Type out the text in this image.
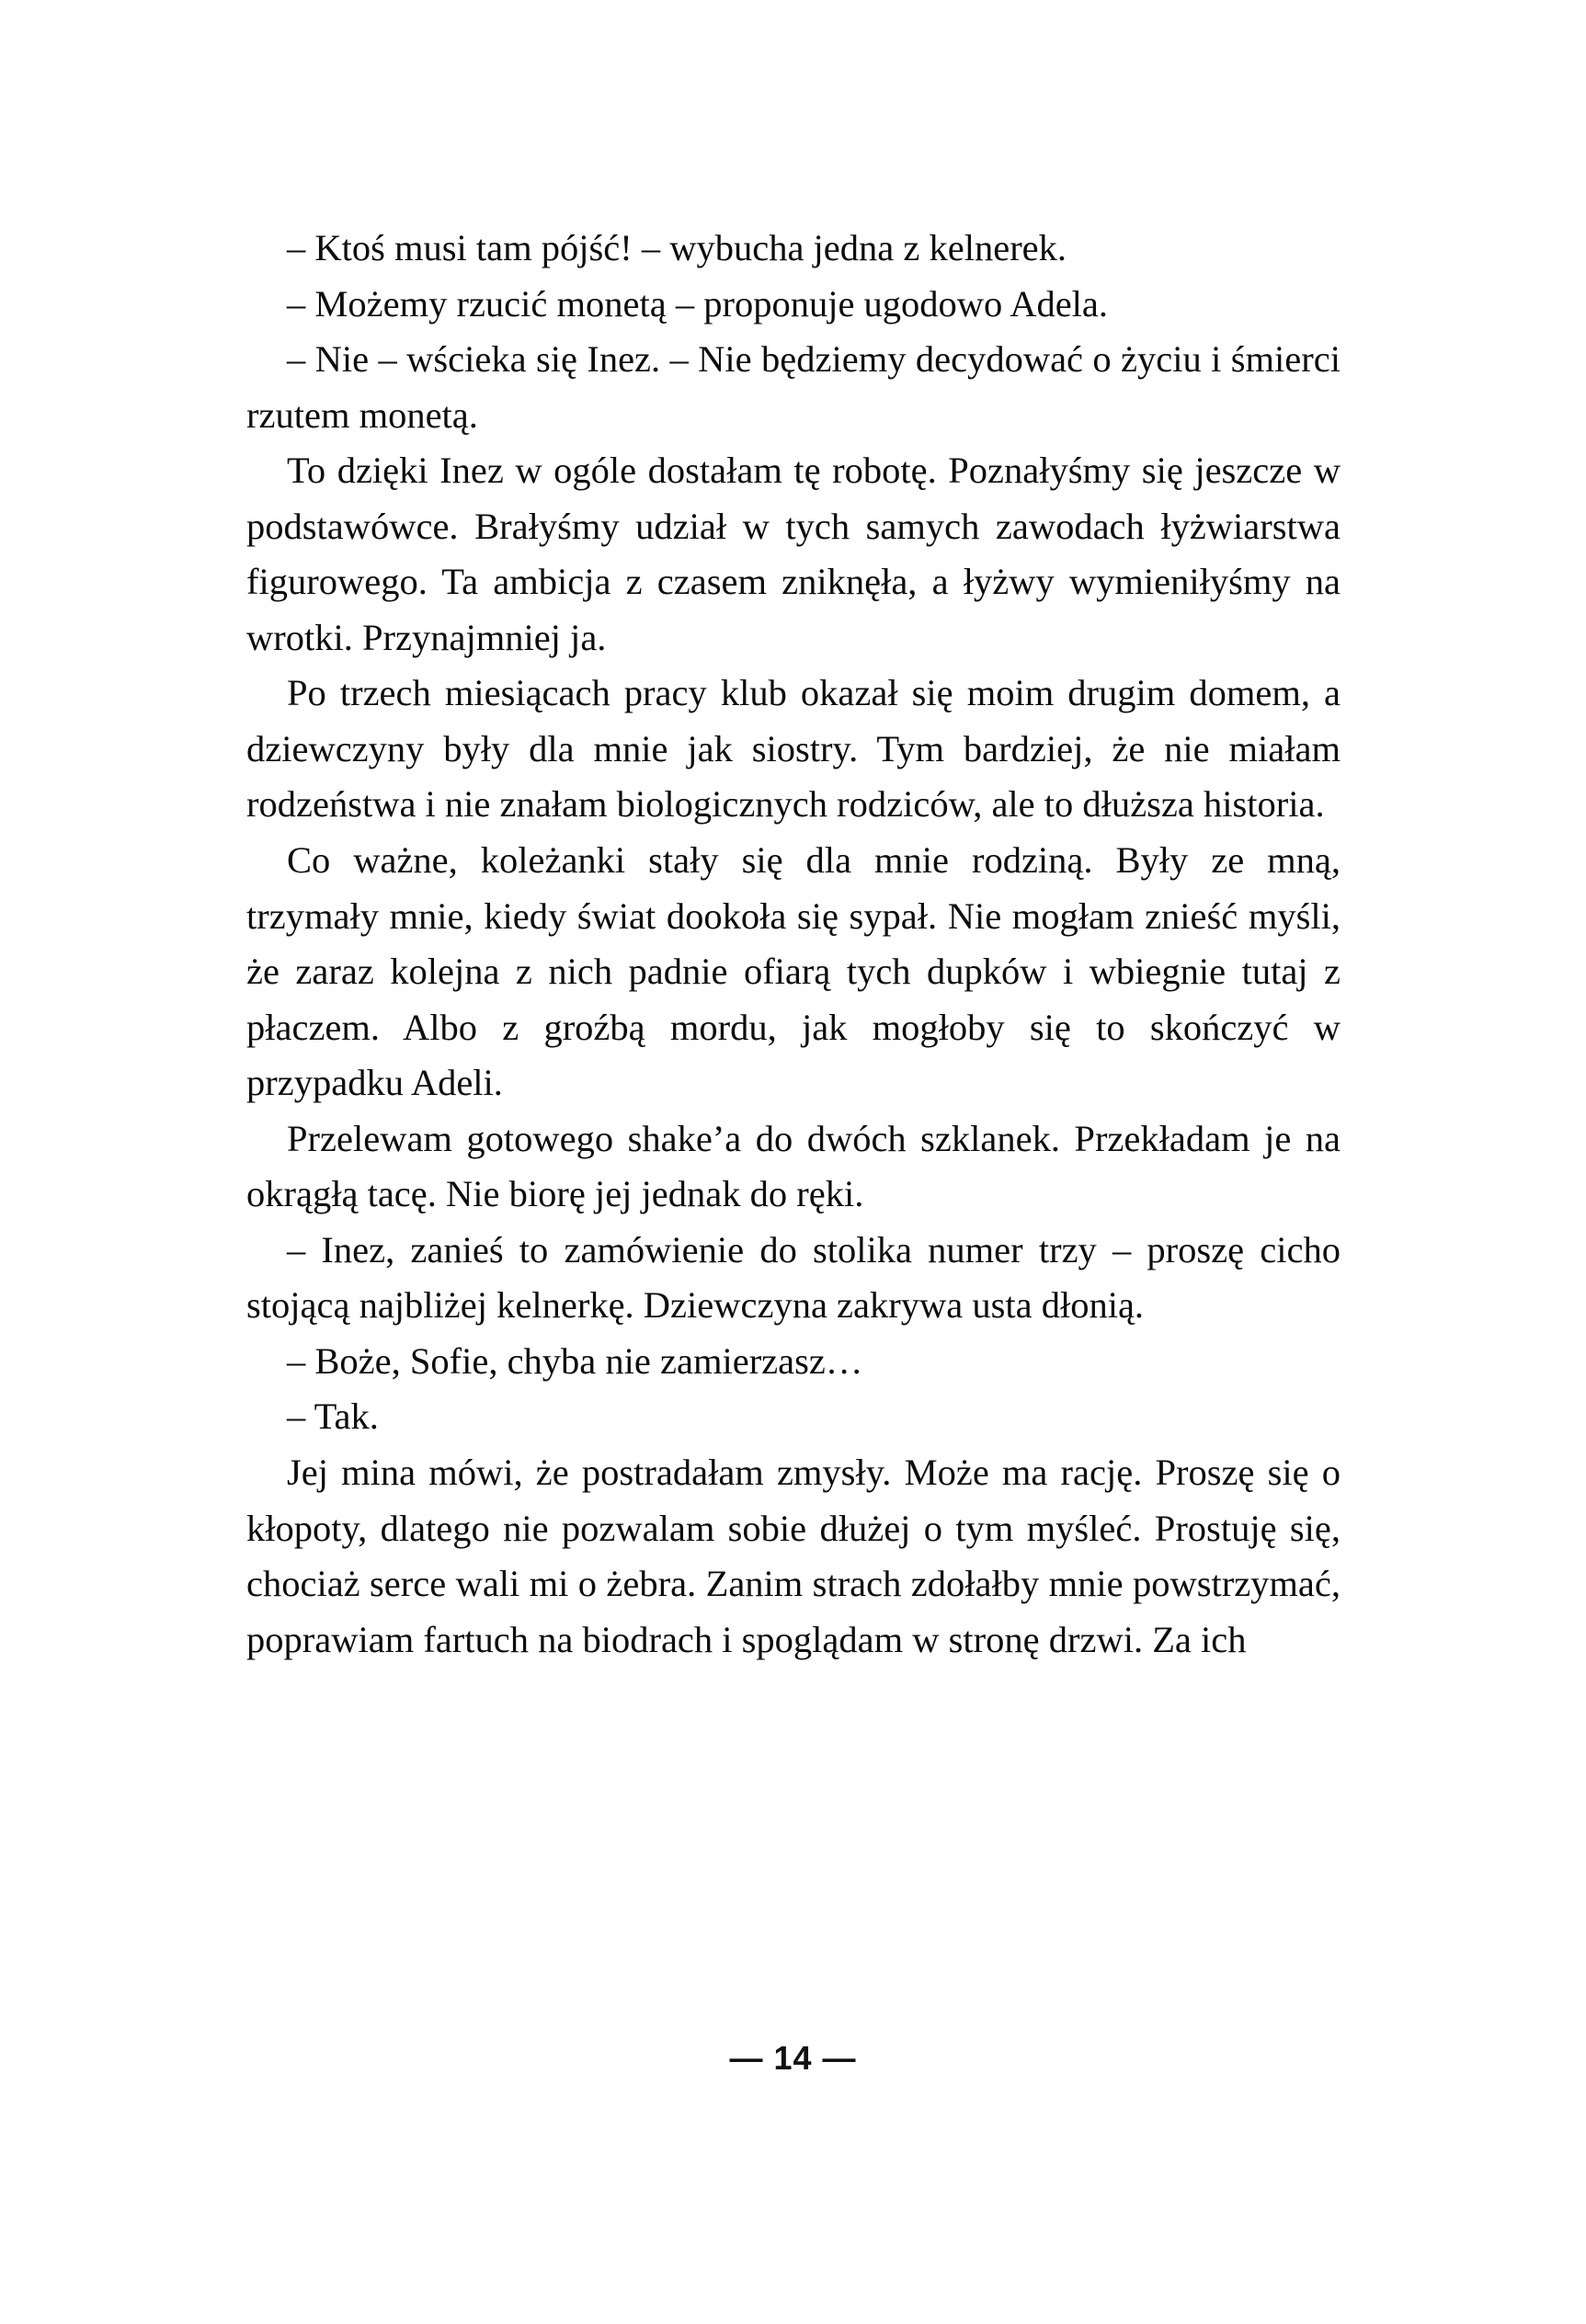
– Ktoś musi tam pójść! – wybucha jedna z kelnerek.

– Możemy rzucić monetą – proponuje ugodowo Adela.

– Nie – wścieka się Inez. – Nie będziemy decydować o życiu i śmierci rzutem monetą.

To dzięki Inez w ogóle dostałam tę robotę. Poznałyśmy się jeszcze w podstawówce. Brałyśmy udział w tych samych zawodach łyżwiarstwa figurowego. Ta ambicja z czasem zniknęła, a łyżwy wymieniłyśmy na wrotki. Przynajmniej ja.

Po trzech miesiącach pracy klub okazał się moim drugim domem, a dziewczyny były dla mnie jak siostry. Tym bardziej, że nie miałam rodzeństwa i nie znałam biologicznych rodziców, ale to dłuższa historia.

Co ważne, koleżanki stały się dla mnie rodziną. Były ze mną, trzymały mnie, kiedy świat dookoła się sypał. Nie mogłam znieść myśli, że zaraz kolejna z nich padnie ofiarą tych dupków i wbiegnie tutaj z płaczem. Albo z groźbą mordu, jak mogłoby się to skończyć w przypadku Adeli.

Przelewam gotowego shake’a do dwóch szklanek. Przekładam je na okrągłą tacę. Nie biorę jej jednak do ręki.

– Inez, zanieś to zamówienie do stolika numer trzy – proszę cicho stojącą najbliżej kelnerkę. Dziewczyna zakrywa usta dłonią.

– Boże, Sofie, chyba nie zamierzasz…

– Tak.

Jej mina mówi, że postradałam zmysły. Może ma rację. Proszę się o kłopoty, dlatego nie pozwalam sobie dłużej o tym myśleć. Prostuję się, chociaż serce wali mi o żebra. Zanim strach zdołałby mnie powstrzymać, poprawiam fartuch na biodrach i spoglądam w stronę drzwi. Za ich

— 14 —
